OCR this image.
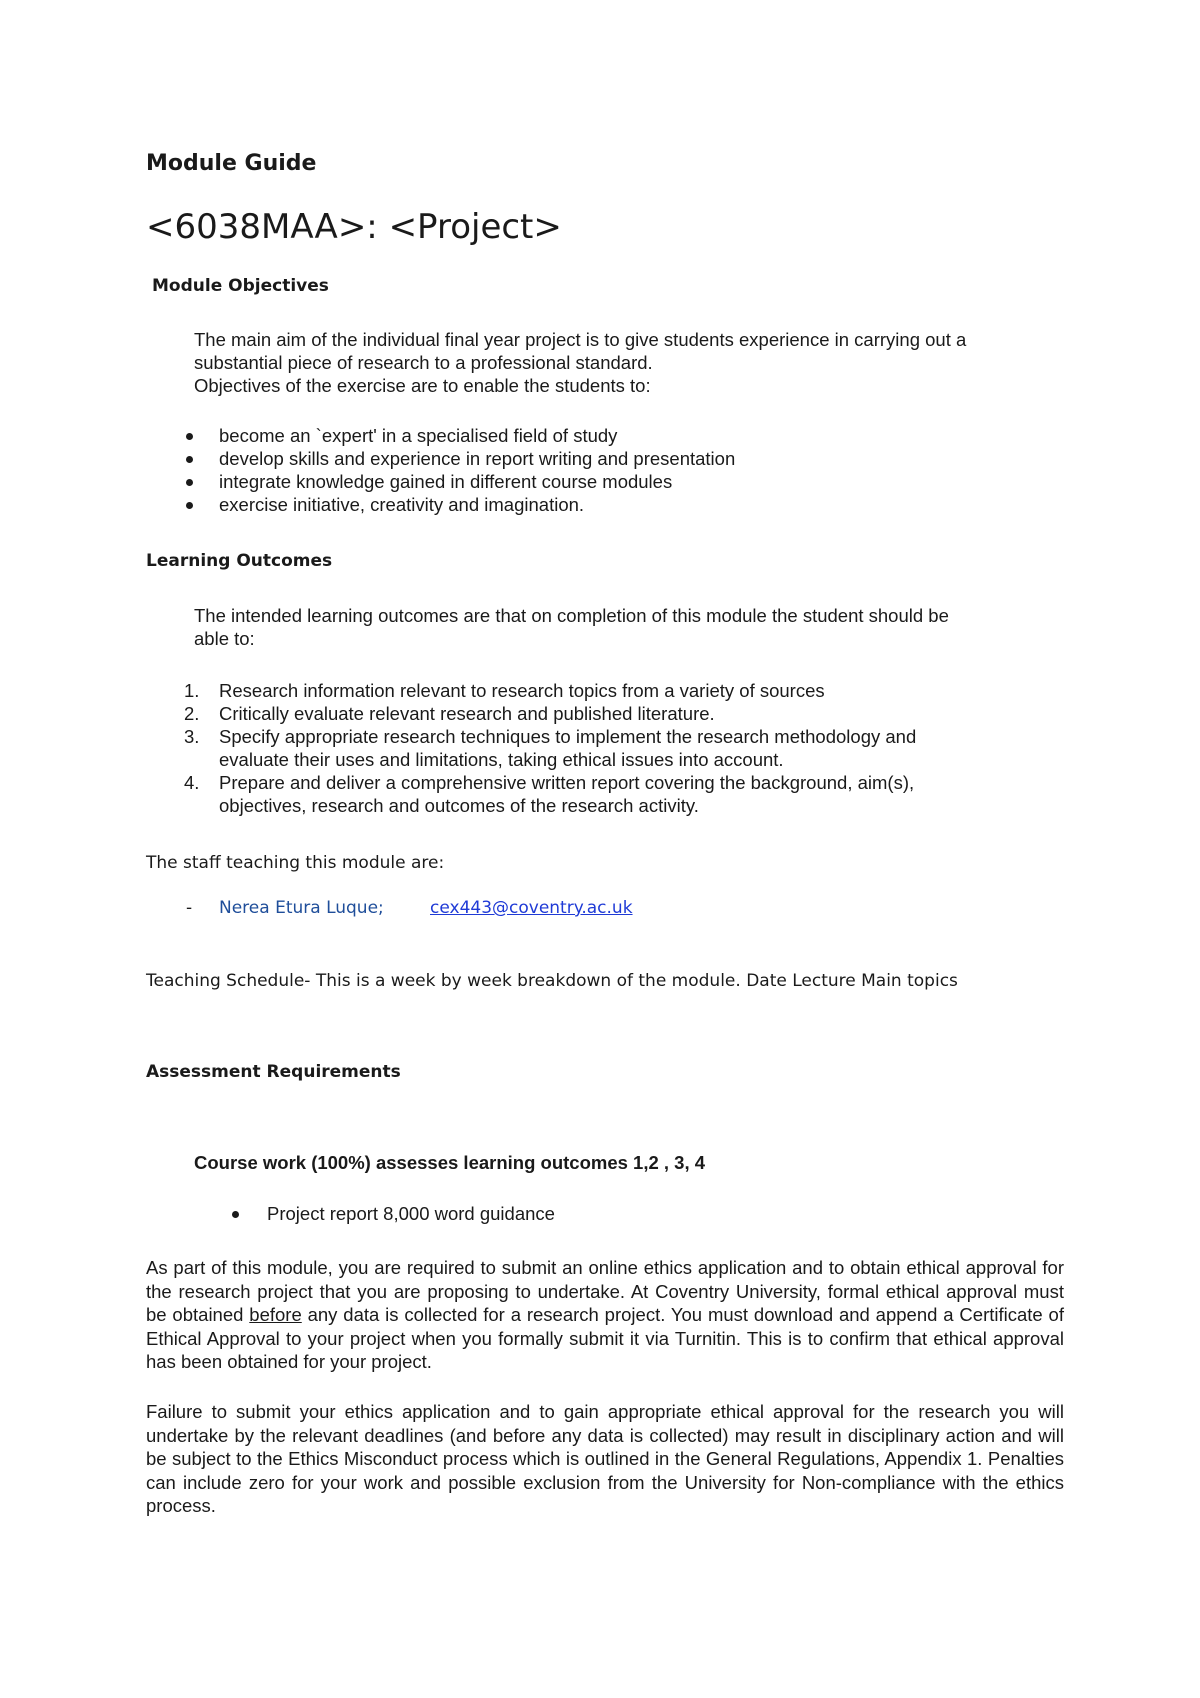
Module Guide
<6038MAA>: <Project>
Module Objectives
The main aim of the individual final year project is to give students experience in carrying out a
substantial piece of research to a professional standard.
Objectives of the exercise are to enable the students to:
become an `expert' in a specialised field of study
develop skills and experience in report writing and presentation
integrate knowledge gained in different course modules
exercise initiative, creativity and imagination.
Learning Outcomes
The intended learning outcomes are that on completion of this module the student should be
able to:
1. Research information relevant to research topics from a variety of sources
2. Critically evaluate relevant research and published literature.
3. Specify appropriate research techniques to implement the research methodology and
evaluate their uses and limitations, taking ethical issues into account.
4. Prepare and deliver a comprehensive written report covering the background, aim(s),
objectives, research and outcomes of the research activity.
The staff teaching this module are:
- Nerea Etura Luque;	cex443@coventry.ac.uk
Teaching Schedule- This is a week by week breakdown of the module. Date Lecture Main topics
Assessment Requirements
Course work (100%) assesses learning outcomes 1,2 , 3, 4
Project report 8,000 word guidance
As part of this module, you are required to submit an online ethics application and to obtain ethical approval for the research project that you are proposing to undertake. At Coventry University, formal ethical approval must be obtained before any data is collected for a research project. You must download and append a Certificate of Ethical Approval to your project when you formally submit it via Turnitin. This is to confirm that ethical approval has been obtained for your project.
Failure to submit your ethics application and to gain appropriate ethical approval for the research you will undertake by the relevant deadlines (and before any data is collected) may result in disciplinary action and will be subject to the Ethics Misconduct process which is outlined in the General Regulations, Appendix 1. Penalties can include zero for your work and possible exclusion from the University for Non-compliance with the ethics process.
